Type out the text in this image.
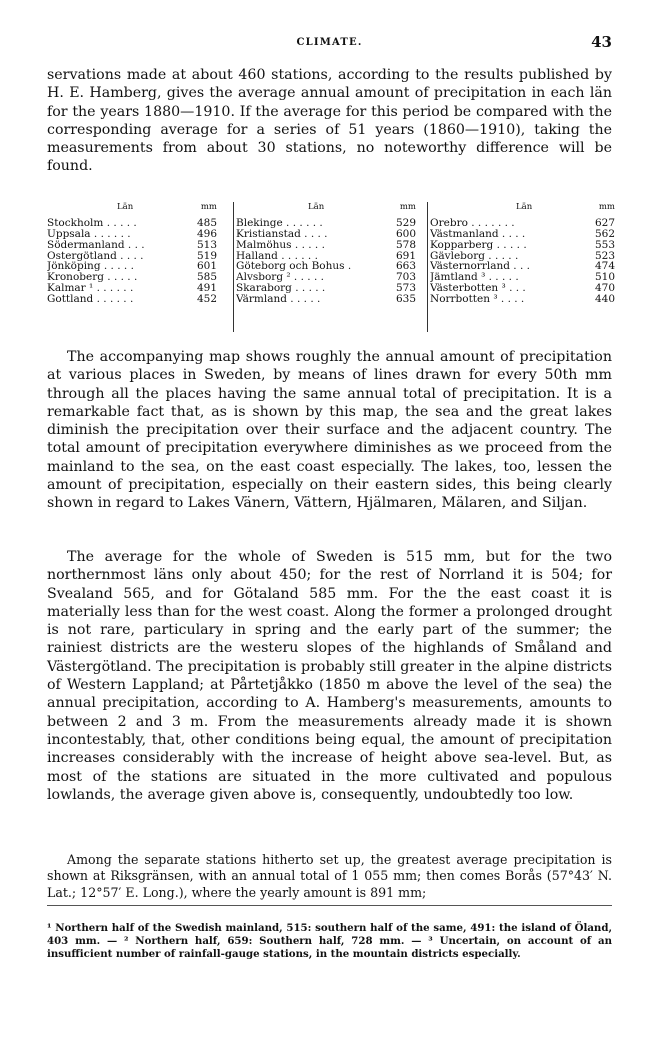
CLIMATE.	43

servations made at about 460 stations, according to the results published by H. E. Hamberg, gives the average annual amount of precipitation in each län for the years 1880—1910. If the average for this period be compared with the corresponding average for a series of 51 years (1860—1910), taking the measurements from about 30 stations, no noteworthy difference will be found.

Län	mm
Stockholm . . . . .	485
Uppsala . . . . . .	496
Södermanland . . .	513
Östergötland . . . .	519
Jönköping . . . . .	601
Kronoberg . . . . .	585
Kalmar ¹ . . . . . .	491
Gottland . . . . . .	452
Län	mm
Blekinge . . . . . .	529
Kristianstad . . . .	600
Malmöhus . . . . .	578
Halland . . . . . .	691
Göteborg och Bohus .	663
Älvsborg ² . . . . .	703
Skaraborg . . . . .	573
Värmland . . . . .	635
Län	mm
Örebro . . . . . . .	627
Västmanland . . . .	562
Kopparberg . . . . .	553
Gävleborg . . . . .	523
Västernorrland . . .	474
Jämtland ³ . . . . .	510
Västerbotten ³ . . .	470
Norrbotten ³ . . . .	440

The accompanying map shows roughly the annual amount of precipitation at various places in Sweden, by means of lines drawn for every 50th mm through all the places having the same annual total of precipitation. It is a remarkable fact that, as is shown by this map, the sea and the great lakes diminish the precipitation over their surface and the adjacent country. The total amount of precipitation everywhere diminishes as we proceed from the mainland to the sea, on the east coast especially. The lakes, too, lessen the amount of precipitation, especially on their eastern sides, this being clearly shown in regard to Lakes Vänern, Vättern, Hjälmaren, Mälaren, and Siljan.

The average for the whole of Sweden is 515 mm, but for the two northernmost läns only about 450; for the rest of Norrland it is 504; for Svealand 565, and for Götaland 585 mm. For the the east coast it is materially less than for the west coast. Along the former a prolonged drought is not rare, particulary in spring and the early part of the summer; the rainiest districts are the westeru slopes of the highlands of Småland and Västergötland. The precipitation is probably still greater in the alpine districts of Western Lappland; at Pårtetjåkko (1850 m above the level of the sea) the annual precipitation, according to A. Hamberg's measurements, amounts to between 2 and 3 m. From the measurements already made it is shown incontestably, that, other conditions being equal, the amount of precipitation increases considerably with the increase of height above sea-level. But, as most of the stations are situated in the more cultivated and populous lowlands, the average given above is, consequently, undoubtedly too low.

Among the separate stations hitherto set up, the greatest average precipitation is shown at Riksgränsen, with an annual total of 1 055 mm; then comes Borås (57°43′ N. Lat.; 12°57′ E. Long.), where the yearly amount is 891 mm;

¹ Northern half of the Swedish mainland, 515: southern half of the same, 491: the island of Öland, 403 mm. — ² Northern half, 659: Southern half, 728 mm. — ³ Uncertain, on account of an insufficient number of rainfall-gauge stations, in the mountain districts especially.
